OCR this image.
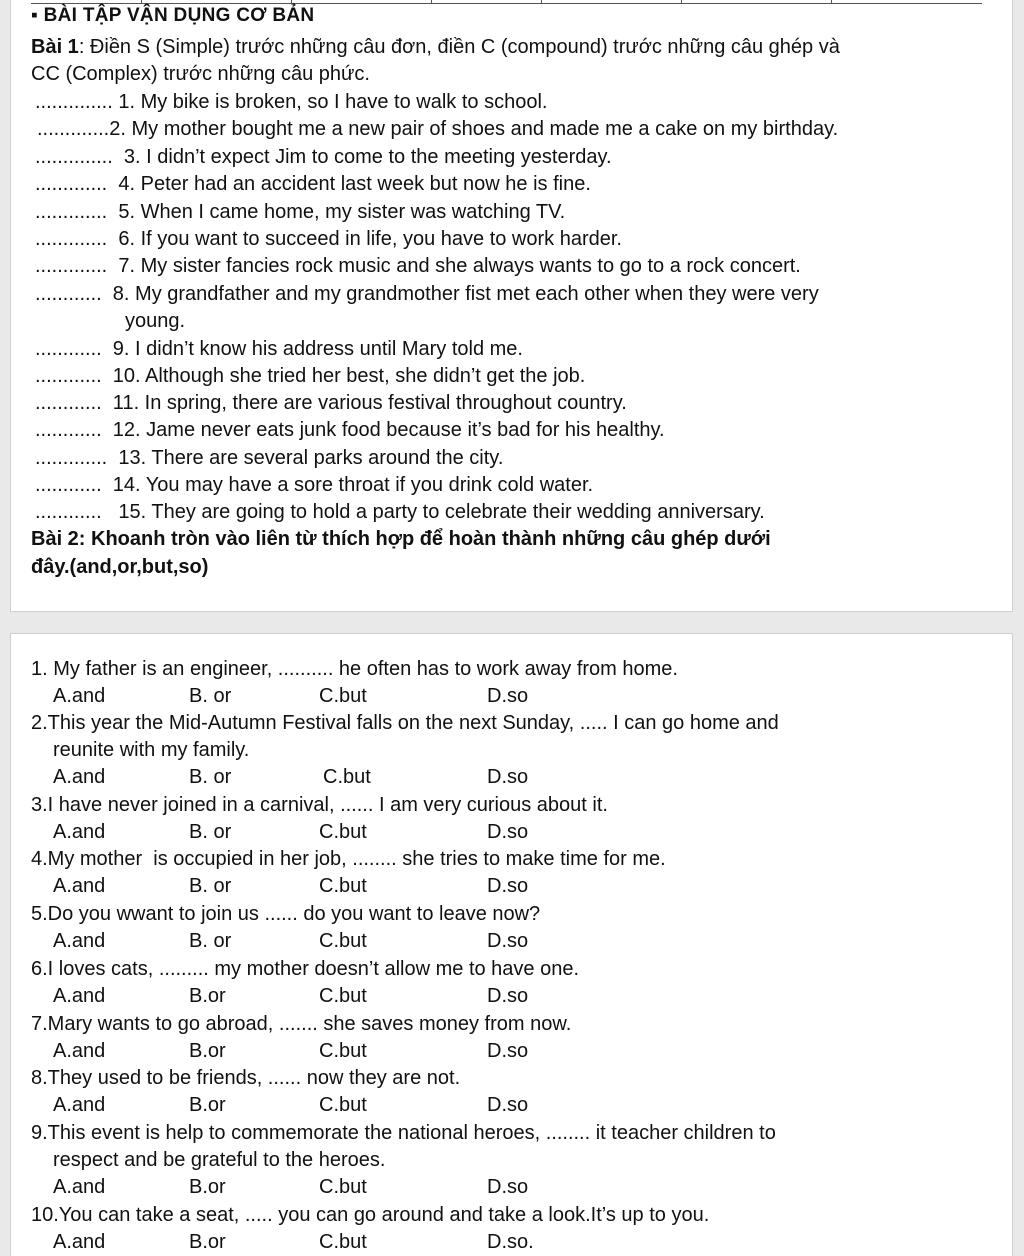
▪ BÀI TẬP VẬN DỤNG CƠ BẢN
Bài 1: Điền S (Simple) trước những câu đơn, điền C (compound) trước những câu ghép và
CC (Complex) trước những câu phức.
.............. 1. My bike is broken, so I have to walk to school.
.............2. My mother bought me a new pair of shoes and made me a cake on my birthday.
..............  3. I didn’t expect Jim to come to the meeting yesterday.
.............  4. Peter had an accident last week but now he is fine.
.............  5. When I came home, my sister was watching TV.
.............  6. If you want to succeed in life, you have to work harder.
.............  7. My sister fancies rock music and she always wants to go to a rock concert.
............  8. My grandfather and my grandmother fist met each other when they were very
young.
............  9. I didn’t know his address until Mary told me.
............  10. Although she tried her best, she didn’t get the job.
............  11. In spring, there are various festival throughout country.
............  12. Jame never eats junk food because it’s bad for his healthy.
.............  13. There are several parks around the city.
............  14. You may have a sore throat if you drink cold water.
............   15. They are going to hold a party to celebrate their wedding anniversary.
Bài 2: Khoanh tròn vào liên từ thích hợp để hoàn thành những câu ghép dưới
đây.(and,or,but,so)
1. My father is an engineer, .......... he often has to work away from home.
A.and	B. or	C.but	D.so
2.This year the Mid-Autumn Festival falls on the next Sunday, ..... I can go home and
reunite with my family.
A.and	B. or	C.but	D.so
3.I have never joined in a carnival, ...... I am very curious about it.
A.and	B. or	C.but	D.so
4.My mother  is occupied in her job, ........ she tries to make time for me.
A.and	B. or	C.but	D.so
5.Do you wwant to join us ...... do you want to leave now?
A.and	B. or	C.but	D.so
6.I loves cats, ......... my mother doesn’t allow me to have one.
A.and	B.or	C.but	D.so
7.Mary wants to go abroad, ....... she saves money from now.
A.and	B.or	C.but	D.so
8.They used to be friends, ...... now they are not.
A.and	B.or	C.but	D.so
9.This event is help to commemorate the national heroes, ........ it teacher children to
respect and be grateful to the heroes.
A.and	B.or	C.but	D.so
10.You can take a seat, ..... you can go around and take a look.It’s up to you.
A.and	B.or	C.but	D.so.
